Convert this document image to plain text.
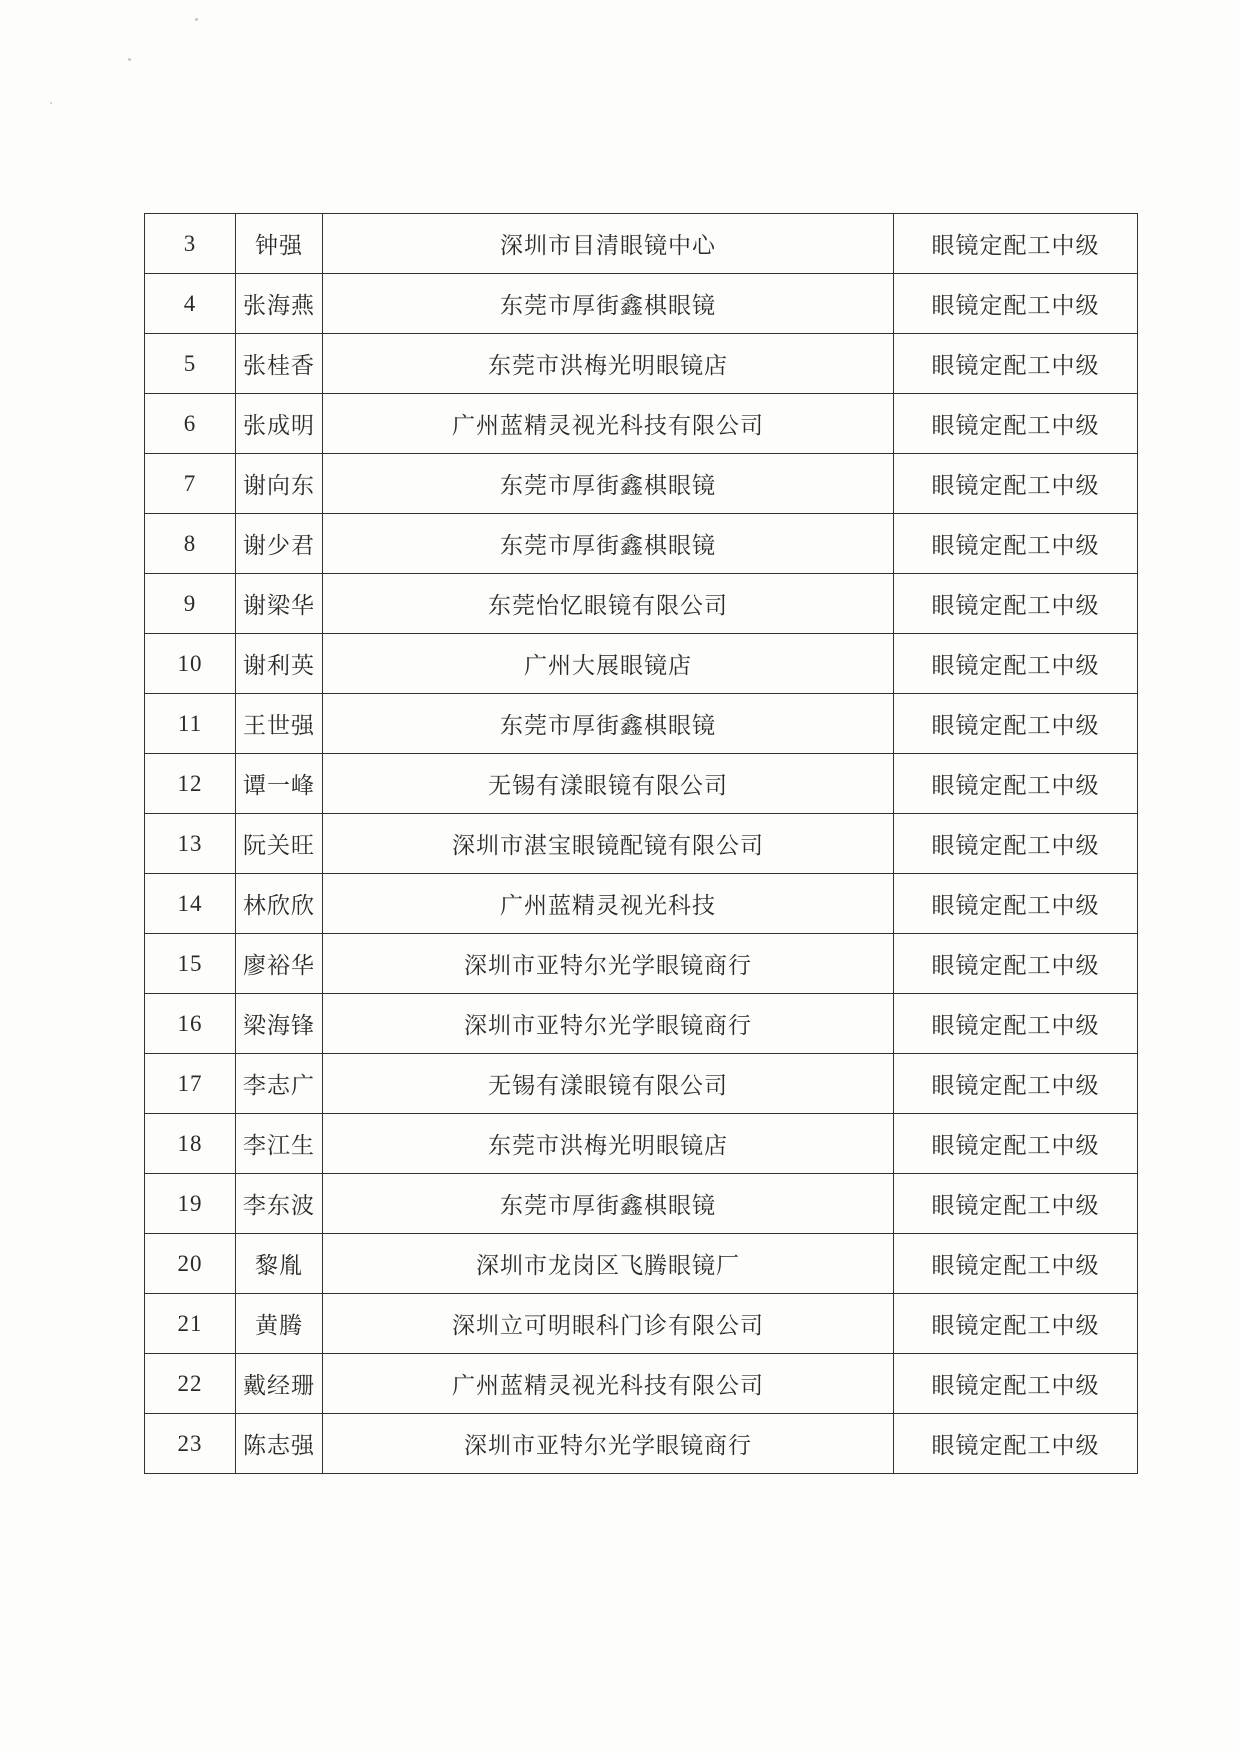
3	钟强	深圳市目清眼镜中心	眼镜定配工中级
4	张海燕	东莞市厚街鑫棋眼镜	眼镜定配工中级
5	张桂香	东莞市洪梅光明眼镜店	眼镜定配工中级
6	张成明	广州蓝精灵视光科技有限公司	眼镜定配工中级
7	谢向东	东莞市厚街鑫棋眼镜	眼镜定配工中级
8	谢少君	东莞市厚街鑫棋眼镜	眼镜定配工中级
9	谢梁华	东莞怡忆眼镜有限公司	眼镜定配工中级
10	谢利英	广州大展眼镜店	眼镜定配工中级
11	王世强	东莞市厚街鑫棋眼镜	眼镜定配工中级
12	谭一峰	无锡有漾眼镜有限公司	眼镜定配工中级
13	阮关旺	深圳市湛宝眼镜配镜有限公司	眼镜定配工中级
14	林欣欣	广州蓝精灵视光科技	眼镜定配工中级
15	廖裕华	深圳市亚特尔光学眼镜商行	眼镜定配工中级
16	梁海锋	深圳市亚特尔光学眼镜商行	眼镜定配工中级
17	李志广	无锡有漾眼镜有限公司	眼镜定配工中级
18	李江生	东莞市洪梅光明眼镜店	眼镜定配工中级
19	李东波	东莞市厚街鑫棋眼镜	眼镜定配工中级
20	黎胤	深圳市龙岗区飞腾眼镜厂	眼镜定配工中级
21	黄腾	深圳立可明眼科门诊有限公司	眼镜定配工中级
22	戴经珊	广州蓝精灵视光科技有限公司	眼镜定配工中级
23	陈志强	深圳市亚特尔光学眼镜商行	眼镜定配工中级
